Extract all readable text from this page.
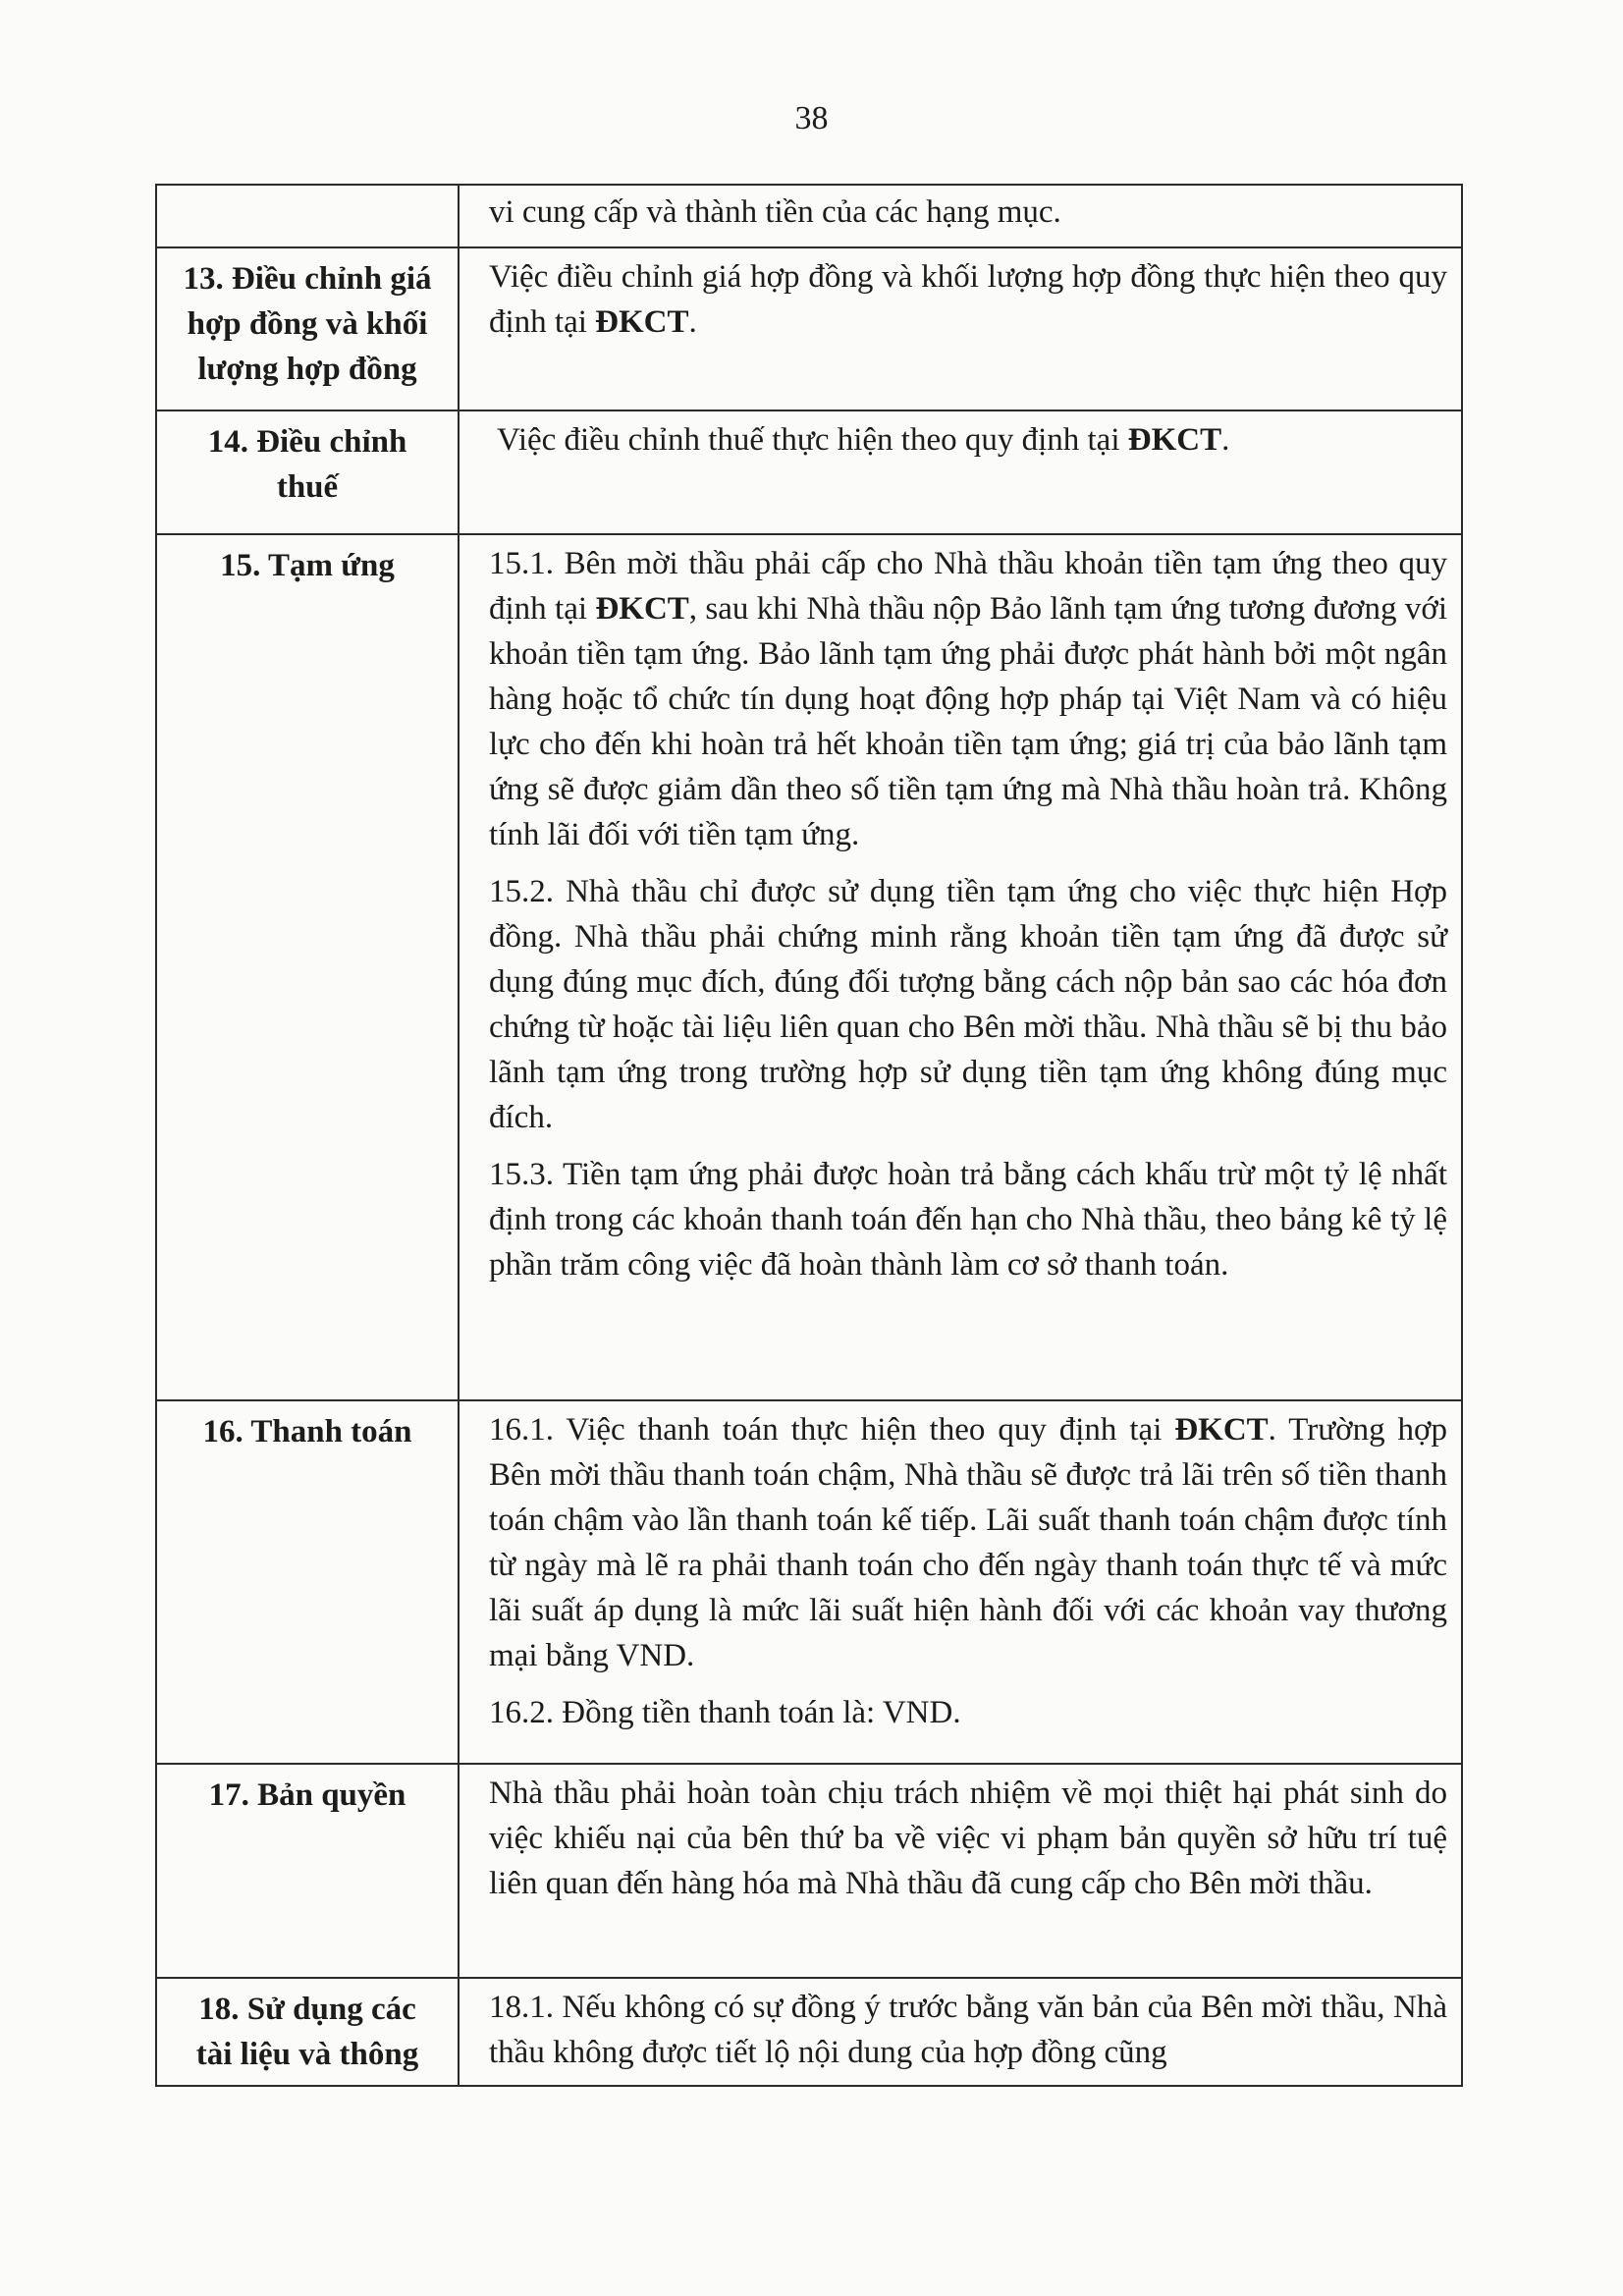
38

	vi cung cấp và thành tiền của các hạng mục.

13. Điều chỉnh giá hợp đồng và khối lượng hợp đồng	Việc điều chỉnh giá hợp đồng và khối lượng hợp đồng thực hiện theo quy định tại ĐKCT.

14. Điều chỉnh thuế	Việc điều chỉnh thuế thực hiện theo quy định tại ĐKCT.

15. Tạm ứng	15.1. Bên mời thầu phải cấp cho Nhà thầu khoản tiền tạm ứng theo quy định tại ĐKCT, sau khi Nhà thầu nộp Bảo lãnh tạm ứng tương đương với khoản tiền tạm ứng. Bảo lãnh tạm ứng phải được phát hành bởi một ngân hàng hoặc tổ chức tín dụng hoạt động hợp pháp tại Việt Nam và có hiệu lực cho đến khi hoàn trả hết khoản tiền tạm ứng; giá trị của bảo lãnh tạm ứng sẽ được giảm dần theo số tiền tạm ứng mà Nhà thầu hoàn trả. Không tính lãi đối với tiền tạm ứng.

15.2. Nhà thầu chỉ được sử dụng tiền tạm ứng cho việc thực hiện Hợp đồng. Nhà thầu phải chứng minh rằng khoản tiền tạm ứng đã được sử dụng đúng mục đích, đúng đối tượng bằng cách nộp bản sao các hóa đơn chứng từ hoặc tài liệu liên quan cho Bên mời thầu. Nhà thầu sẽ bị thu bảo lãnh tạm ứng trong trường hợp sử dụng tiền tạm ứng không đúng mục đích.

15.3. Tiền tạm ứng phải được hoàn trả bằng cách khấu trừ một tỷ lệ nhất định trong các khoản thanh toán đến hạn cho Nhà thầu, theo bảng kê tỷ lệ phần trăm công việc đã hoàn thành làm cơ sở thanh toán.

16. Thanh toán	16.1. Việc thanh toán thực hiện theo quy định tại ĐKCT. Trường hợp Bên mời thầu thanh toán chậm, Nhà thầu sẽ được trả lãi trên số tiền thanh toán chậm vào lần thanh toán kế tiếp. Lãi suất thanh toán chậm được tính từ ngày mà lẽ ra phải thanh toán cho đến ngày thanh toán thực tế và mức lãi suất áp dụng là mức lãi suất hiện hành đối với các khoản vay thương mại bằng VND.

16.2. Đồng tiền thanh toán là: VND.

17. Bản quyền	Nhà thầu phải hoàn toàn chịu trách nhiệm về mọi thiệt hại phát sinh do việc khiếu nại của bên thứ ba về việc vi phạm bản quyền sở hữu trí tuệ liên quan đến hàng hóa mà Nhà thầu đã cung cấp cho Bên mời thầu.

18. Sử dụng các tài liệu và thông	18.1. Nếu không có sự đồng ý trước bằng văn bản của Bên mời thầu, Nhà thầu không được tiết lộ nội dung của hợp đồng cũng
